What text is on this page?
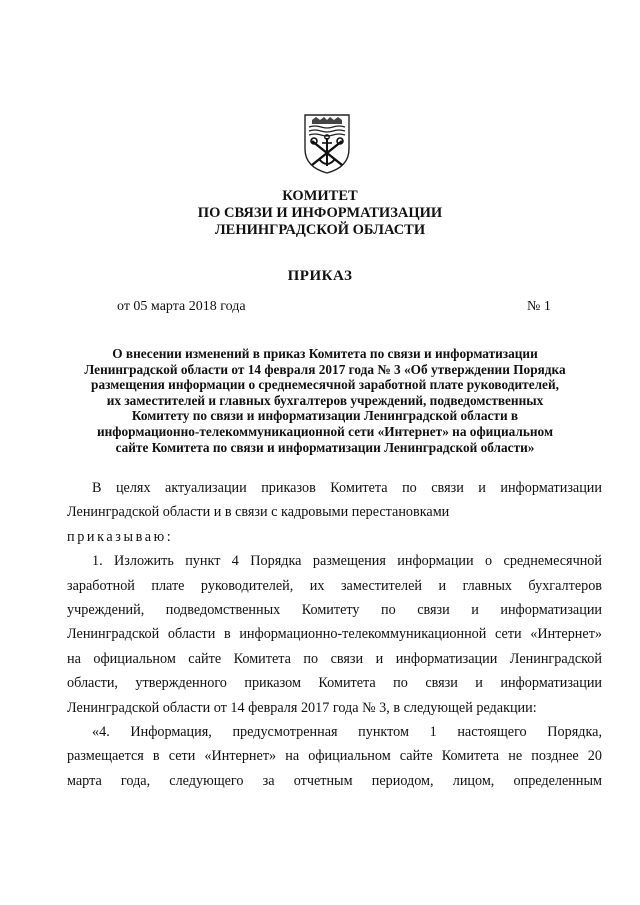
КОМИТЕТ
ПО СВЯЗИ И ИНФОРМАТИЗАЦИИ
ЛЕНИНГРАДСКОЙ ОБЛАСТИ
ПРИКАЗ
от 05 марта 2018 года	№ 1
О внесении изменений в приказ Комитета по связи и информатизации
Ленинградской области от 14 февраля 2017 года № 3 «Об утверждении Порядка
размещения информации о среднемесячной заработной плате руководителей,
их заместителей и главных бухгалтеров учреждений, подведомственных
Комитету по связи и информатизации Ленинградской области в
информационно-телекоммуникационной сети «Интернет» на официальном
сайте Комитета по связи и информатизации Ленинградской области»

В целях актуализации приказов Комитета по связи и информатизации

Ленинградской области и в связи с кадровыми перестановками

приказываю:

1. Изложить пункт 4 Порядка размещения информации о среднемесячной

заработной плате руководителей, их заместителей и главных бухгалтеров

учреждений, подведомственных Комитету по связи и информатизации

Ленинградской области в информационно-телекоммуникационной сети «Интернет»

на официальном сайте Комитета по связи и информатизации Ленинградской

области, утвержденного приказом Комитета по связи и информатизации

Ленинградской области от 14 февраля 2017 года № 3, в следующей редакции:

«4. Информация, предусмотренная пунктом 1 настоящего Порядка,

размещается в сети «Интернет» на официальном сайте Комитета не позднее 20

марта года, следующего за отчетным периодом, лицом, определенным
